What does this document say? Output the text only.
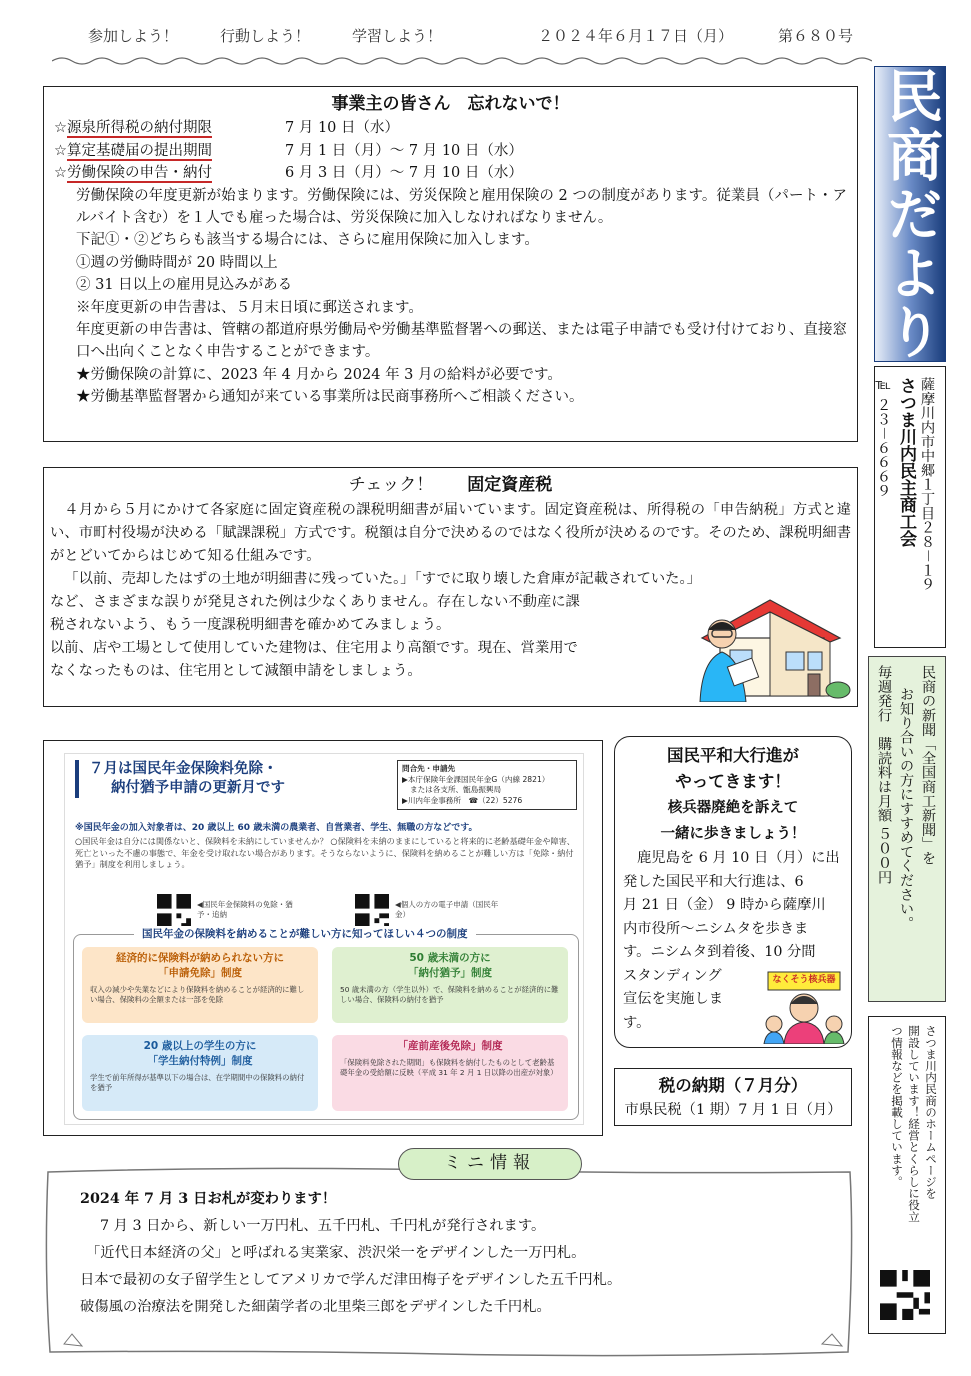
参加しよう！	行動しよう！	学習しよう！	２０２４年６月１７日（月）	第６８０号
事業主の皆さん　忘れないで！
☆源泉所得税の納付期限	7 月 10 日（水）
☆算定基礎届の提出期間	7 月 1 日（月）～ 7 月 10 日（水）
☆労働保険の申告・納付	6 月 3 日（月）～ 7 月 10 日（水）
労働保険の年度更新が始まります。労働保険には、労災保険と雇用保険の 2 つの制度があります。従業員（パート・アルバイト含む）を１人でも雇った場合は、労災保険に加入しなければなりません。
下記①・②どちらも該当する場合には、さらに雇用保険に加入します。
①週の労働時間が 20 時間以上
② 31 日以上の雇用見込みがある
※年度更新の申告書は、５月末日頃に郵送されます。
年度更新の申告書は、管轄の都道府県労働局や労働基準監督署への郵送、または電子申請でも受け付けており、直接窓口へ出向くことなく申告することができます。
★労働保険の計算に、2023 年 4 月から 2024 年 3 月の給料が必要です。
★労働基準監督署から通知が来ている事業所は民商事務所へご相談ください。
チェック！　　 固定資産税
４月から５月にかけて各家庭に固定資産税の課税明細書が届いています。固定資産税は、所得税の「申告納税」方式と違い、市町村役場が決める「賦課課税」方式です。税額は自分で決めるのではなく役所が決めるのです。そのため、課税明細書がとどいてからはじめて知る仕組みです。
「以前、売却したはずの土地が明細書に残っていた。」「すでに取り壊した倉庫が記載されていた。」
など、さまざまな誤りが発見された例は少なくありません。存在しない不動産に課
税されないよう、もう一度課税明細書を確かめてみましょう。
以前、店や工場として使用していた建物は、住宅用より高額です。現在、営業用で
なくなったものは、住宅用として減額申請をしましょう。
７月は国民年金保険料免除・
納付猶予申請の更新月です
問合先・申請先
▶本庁保険年金課国民年金G（内線 2821）
または各支所、甑島振興局
▶川内年金事務所　☎（22）5276
※国民年金の加入対象者は、20 歳以上 60 歳未満の農業者、自営業者、学生、無職の方などです。
○国民年金は自分には関係ないと、保険料を未納にしていませんか？ ○保険料を未納のままにしていると将来的に老齢基礎年金や障害、死亡といった不慮の事態で、年金を受け取れない場合があります。そうならないように、保険料を納めることが難しい方は「免除・納付猶予」制度を利用しましょう。
◀国民年金保険料の免除・猶予・追納
◀個人の方の電子申請（国民年金）
国民年金の保険料を納めることが難しい方に知ってほしい４つの制度
経済的に保険料が納められない方に
「申請免除」制度
収入の減少や失業などにより保険料を納めることが経済的に難しい場合、保険料の全額または一部を免除
50 歳未満の方に
「納付猶予」制度
50 歳未満の方（学生以外）で、保険料を納めることが経済的に難しい場合、保険料の納付を猶予
20 歳以上の学生の方に
「学生納付特例」制度
学生で前年所得が基準以下の場合は、在学期間中の保険料の納付を猶予
「産前産後免除」制度
「保険料免除された期間」も保険料を納付したものとして老齢基礎年金の受給額に反映（平成 31 年 2 月 1 日以降の出産が対象）
国民平和大行進が
やってきます！
核兵器廃絶を訴えて
一緒に歩きましょう！
鹿児島を 6 月 10 日（月）に出
発した国民平和大行進は、6
月 21 日（金） 9 時から薩摩川
内市役所～ニシムタを歩きま
す。ニシムタ到着後、10 分間
スタンディング
宣伝を実施しま
す。
なくそう核兵器
税の納期（７月分）
市県民税（1 期）7 月 1 日（月）
ミニ情報
2024 年 7 月 3 日お札が変わります！
7 月 3 日から、新しい一万円札、五千円札、千円札が発行されます。
「近代日本経済の父」と呼ばれる実業家、渋沢栄一をデザインした一万円札。
日本で最初の女子留学生としてアメリカで学んだ津田梅子をデザインした五千円札。
破傷風の治療法を開発した細菌学者の北里柴三郎をデザインした千円札。
民商だより
薩摩川内市中郷１丁目２８－１９
さつま川内民主商工会
℡ ２３－６６６９
民商の新聞「全国商工新聞」を
お知り合いの方にすすめてください。
毎週発行　購読料は月額 ５００円
さつま川内民商のホームページを
開設しています！経営とくらしに役立
つ情報などを掲載しています。
